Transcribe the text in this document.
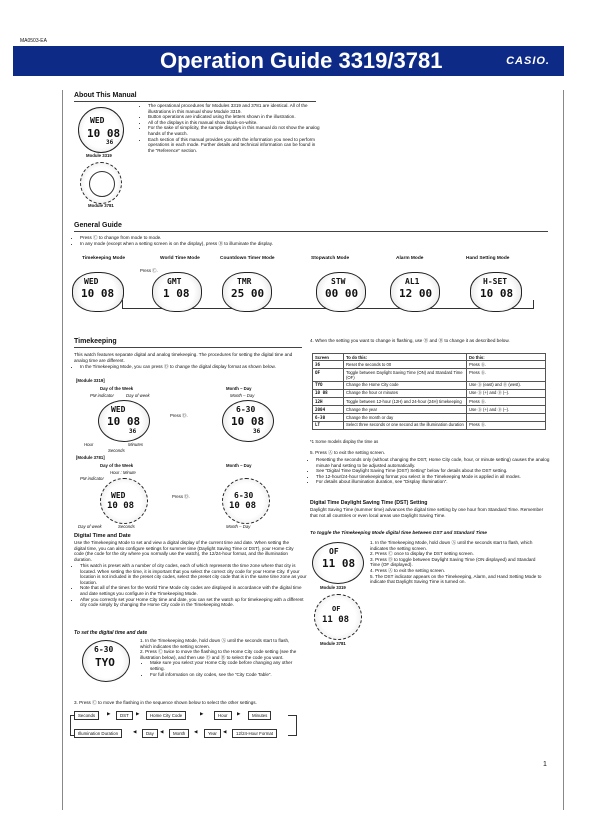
MA0503-EA
Operation Guide 3319/3781	CASIO.
About This Manual
WED
10 08
36
Module 3319
Module 3781
• The operational procedures for Modules 3319 and 3781 are identical. All of the illustrations in this manual show Module 3319.
• Button operations are indicated using the letters shown in the illustration.
• All of the displays in this manual show black-on-white.
• For the sake of simplicity, the sample displays in this manual do not show the analog hands of the watch.
• Each section of this manual provides you with the information you need to perform operations in each mode. Further details and technical information can be found in the “Reference” section.
General Guide
• Press Ⓒ to change from mode to mode.
• In any mode (except when a setting screen is on the display), press Ⓑ to illuminate the display.
Timekeeping Mode	World Time Mode	Countdown Timer Mode	Stopwatch Mode	Alarm Mode	Hand Setting Mode
Press Ⓒ.
WED
10 08
GMT
1 08
TMR
25 00
STW
00 00
AL1
12 00
H-SET
10 08
Timekeeping

This watch features separate digital and analog timekeeping. The procedures for setting the digital time and analog time are different.

• In the Timekeeping Mode, you can press Ⓓ to change the digital display format as shown below.
[Module 3319]
Day of the Week	Month – Day
PM indicator	Day of week	Month – Day
WED
10 08
36
Press Ⓓ.
6-30
10 08
36
Hour	Minutes
Seconds
[Module 3781]
Day of the Week	Month – Day
Hour : Minute
PM indicator
WED
10 08
Press Ⓓ.	6-30
10 08
Day of week	Seconds	Month – Day
Digital Time and Date

Use the Timekeeping Mode to set and view a digital display of the current time and date. When setting the digital time, you can also configure settings for summer time (Daylight Saving Time or DST), your Home City code (the code for the city where you normally use the watch), the 12/24-hour format, and the illumination duration.

• This watch is preset with a number of city codes, each of which represents the time zone where that city is located. When setting the time, it is important that you select the correct city code for your Home City. If your location is not included in the preset city codes, select the preset city code that is in the same time zone as your location.
• Note that all of the times for the World Time Mode city codes are displayed in accordance with the digital time and date settings you configure in the Timekeeping Mode.
• After you correctly set your Home City time and date, you can set the watch up for timekeeping with a different city code simply by changing the Home City code in the Timekeeping Mode.
To set the digital time and date
6-30
TYO

1. In the Timekeeping Mode, hold down Ⓐ until the seconds start to flash, which indicates the setting screen.

2. Press Ⓒ twice to move the flashing to the Home City code setting (see the illustration below), and then use Ⓓ and Ⓑ to select the code you want.

• Make sure you select your Home City code before changing any other setting.
• For full information on city codes, see the “City Code Table”.

3. Press Ⓒ to move the flashing in the sequence shown below to select the other settings.

Seconds	▶	DST	▶	Home City Code	▶	Hour	▶	Minutes
Illumination Duration	◀	Day	◀	Month	◀	Year	◀	12/24-Hour Format

4. When the setting you want to change is flashing, use Ⓓ and Ⓑ to change it as described below.

Screen	To do this:	Do this:
36	Reset the seconds to 00	Press Ⓓ.
OF	Toggle between Daylight Saving Time (ON) and Standard Time (OF)	Press Ⓓ.
TYO	Change the Home City code	Use Ⓓ (east) and Ⓑ (west).
10 08	Change the hour or minutes	Use Ⓓ (+) and Ⓑ (–).
12H	Toggle between 12-hour (12H) and 24-hour (24H) timekeeping	Press Ⓓ.
2004	Change the year	Use Ⓓ (+) and Ⓑ (–).
6-30	Change the month or day	
LT	Select three seconds or one second as the illumination duration	Press Ⓓ.
*1 Some models display the time as

5. Press Ⓐ to exit the setting screen.

• Resetting the seconds only (without changing the DST, Home City code, hour, or minute setting) causes the analog minute hand setting to be adjusted automatically.
• See “Digital Time Daylight Saving Time (DST) Setting” below for details about the DST setting.
• The 12-hour/24-hour timekeeping format you select in the Timekeeping Mode is applied in all modes.
• For details about illumination duration, see “Display Illumination”.
Digital Time Daylight Saving Time (DST) Setting

Daylight Saving Time (summer time) advances the digital time setting by one hour from Standard Time. Remember that not all countries or even local areas use Daylight Saving Time.

To toggle the Timekeeping Mode digital time between DST and Standard Time
OF
11 08
Module 3319
OF
11 08
Module 3781

1. In the Timekeeping Mode, hold down Ⓐ until the seconds start to flash, which indicates the setting screen.

2. Press Ⓒ once to display the DST setting screen.

3. Press Ⓓ to toggle between Daylight Saving Time (ON displayed) and Standard Time (OF displayed).

4. Press Ⓐ to exit the setting screen.

5. The DST indicator appears on the Timekeeping, Alarm, and Hand Setting Mode to indicate that Daylight Saving Time is turned on.

1
